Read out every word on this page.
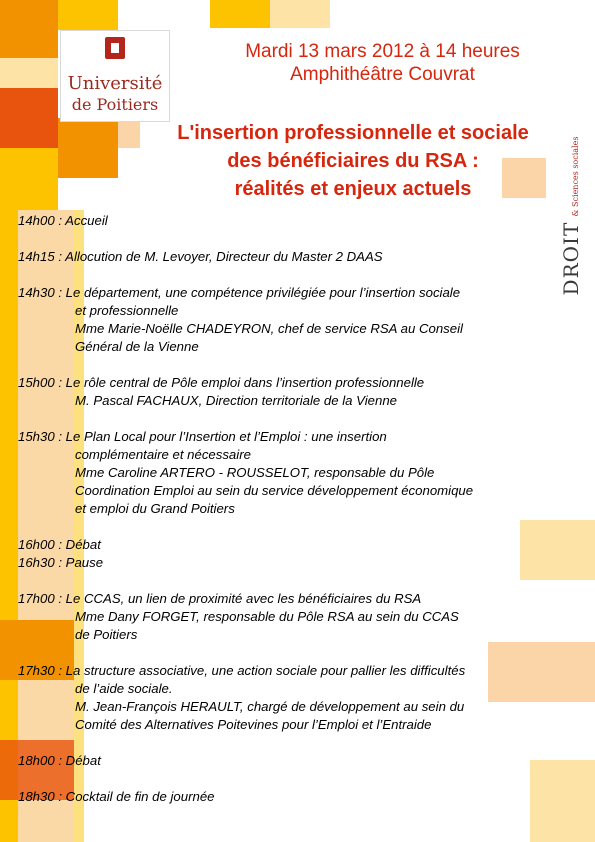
Université
de Poitiers
DROIT & Sciences sociales
Mardi 13 mars 2012 à 14 heures
Amphithéâtre Couvrat
L'insertion professionnelle et sociale
des bénéficiaires du RSA :
réalités et enjeux actuels
14h00 : Accueil
14h15 : Allocution de M. Levoyer, Directeur du Master 2 DAAS
14h30 : Le département, une compétence privilégiée pour l’insertion sociale
et professionnelle
Mme Marie-Noëlle CHADEYRON, chef de service RSA au Conseil
Général de la Vienne
15h00 : Le rôle central de Pôle emploi dans l’insertion professionnelle
M. Pascal FACHAUX, Direction territoriale de la Vienne
15h30 : Le Plan Local pour l’Insertion et l’Emploi : une insertion
complémentaire et nécessaire
Mme Caroline ARTERO - ROUSSELOT, responsable du Pôle
Coordination Emploi au sein du service développement économique
et emploi du Grand Poitiers
16h00 : Débat
16h30 : Pause
17h00 : Le CCAS, un lien de proximité avec les bénéficiaires du RSA
Mme Dany FORGET, responsable du Pôle RSA au sein du CCAS
de Poitiers
17h30 : La structure associative, une action sociale pour pallier les difficultés
de l’aide sociale.
M. Jean-François HERAULT, chargé de développement au sein du
Comité des Alternatives Poitevines pour l’Emploi et l’Entraide
18h00 : Débat
18h30 : Cocktail de fin de journée
